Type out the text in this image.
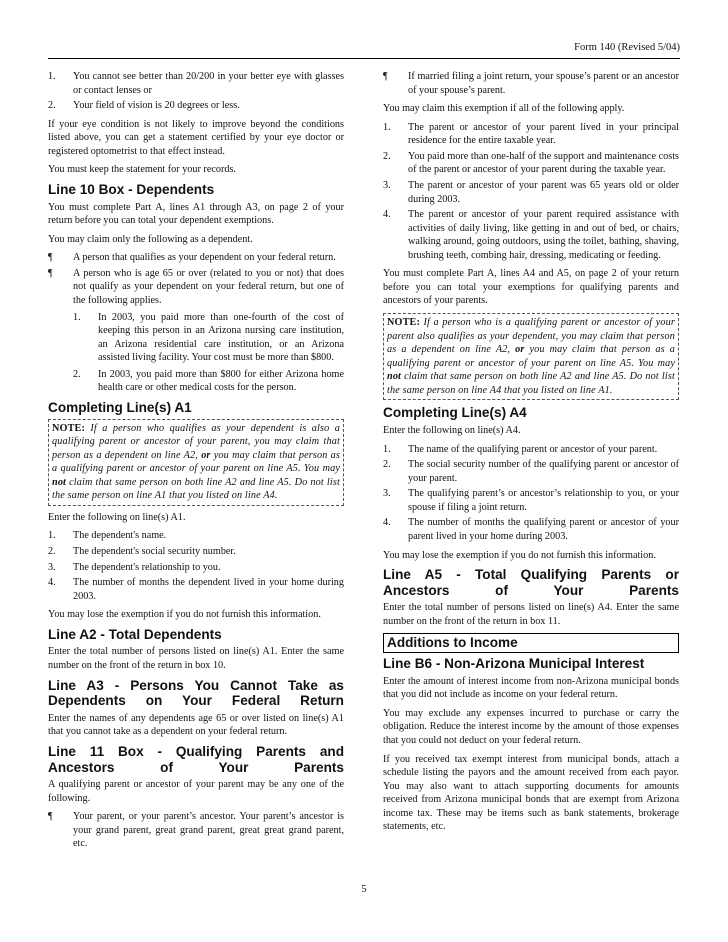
Form 140 (Revised 5/04)
1. You cannot see better than 20/200 in your better eye with glasses or contact lenses or
2. Your field of vision is 20 degrees or less.

If your eye condition is not likely to improve beyond the conditions listed above, you can get a statement certified by your eye doctor or registered optometrist to that effect instead.

You must keep the statement for your records.

Line 10 Box - Dependents

You must complete Part A, lines A1 through A3, on page 2 of your return before you can total your dependent exemptions.

You may claim only the following as a dependent.

¶ A person that qualifies as your dependent on your federal return.
¶ A person who is age 65 or over (related to you or not) that does not qualify as your dependent on your federal return, but one of the following applies.
1. In 2003, you paid more than one-fourth of the cost of keeping this person in an Arizona nursing care institution, an Arizona residential care institution, or an Arizona assisted living facility. Your cost must be more than $800.
2. In 2003, you paid more than $800 for either Arizona home health care or other medical costs for the person.
Completing Line(s) A1
NOTE: If a person who qualifies as your dependent is also a qualifying parent or ancestor of your parent, you may claim that person as a dependent on line A2, or you may claim that person as a qualifying parent or ancestor of your parent on line A5. You may not claim that same person on both line A2 and line A5. Do not list the same person on line A1 that you listed on line A4.

Enter the following on line(s) A1.

1. The dependent's name.
2. The dependent's social security number.
3. The dependent's relationship to you.
4. The number of months the dependent lived in your home during 2003.

You may lose the exemption if you do not furnish this information.

Line A2 - Total Dependents

Enter the total number of persons listed on line(s) A1. Enter the same number on the front of the return in box 10.

Line A3 - Persons You Cannot Take as Dependents on Your Federal Return

Enter the names of any dependents age 65 or over listed on line(s) A1 that you cannot take as a dependent on your federal return.

Line 11 Box - Qualifying Parents and Ancestors of Your Parents

A qualifying parent or ancestor of your parent may be any one of the following.

¶ Your parent, or your parent’s ancestor. Your parent’s ancestor is your grand parent, great grand parent, great great grand parent, etc.
¶ If married filing a joint return, your spouse’s parent or an ancestor of your spouse’s parent.

You may claim this exemption if all of the following apply.

1. The parent or ancestor of your parent lived in your principal residence for the entire taxable year.
2. You paid more than one-half of the support and maintenance costs of the parent or ancestor of your parent during the taxable year.
3. The parent or ancestor of your parent was 65 years old or older during 2003.
4. The parent or ancestor of your parent required assistance with activities of daily living, like getting in and out of bed, or chairs, walking around, going outdoors, using the toilet, bathing, shaving, brushing teeth, combing hair, dressing, medicating or feeding.

You must complete Part A, lines A4 and A5, on page 2 of your return before you can total your exemptions for qualifying parents and ancestors of your parents.

NOTE: If a person who is a qualifying parent or ancestor of your parent also qualifies as your dependent, you may claim that person as a dependent on line A2, or you may claim that person as a qualifying parent or ancestor of your parent on line A5. You may not claim that same person on both line A2 and line A5. Do not list the same person on line A4 that you listed on line A1.
Completing Line(s) A4

Enter the following on line(s) A4.

1. The name of the qualifying parent or ancestor of your parent.
2. The social security number of the qualifying parent or ancestor of your parent.
3. The qualifying parent’s or ancestor’s relationship to you, or your spouse if filing a joint return.
4. The number of months the qualifying parent or ancestor of your parent lived in your home during 2003.

You may lose the exemption if you do not furnish this information.

Line A5 - Total Qualifying Parents or Ancestors of Your Parents

Enter the total number of persons listed on line(s) A4. Enter the same number on the front of the return in box 11.

Additions to Income
Line B6 - Non-Arizona Municipal Interest

Enter the amount of interest income from non-Arizona municipal bonds that you did not include as income on your federal return.

You may exclude any expenses incurred to purchase or carry the obligation. Reduce the interest income by the amount of those expenses that you could not deduct on your federal return.

If you received tax exempt interest from municipal bonds, attach a schedule listing the payors and the amount received from each payor. You may also want to attach supporting documents for amounts received from Arizona municipal bonds that are exempt from Arizona income tax. These may be items such as bank statements, brokerage statements, etc.

5
